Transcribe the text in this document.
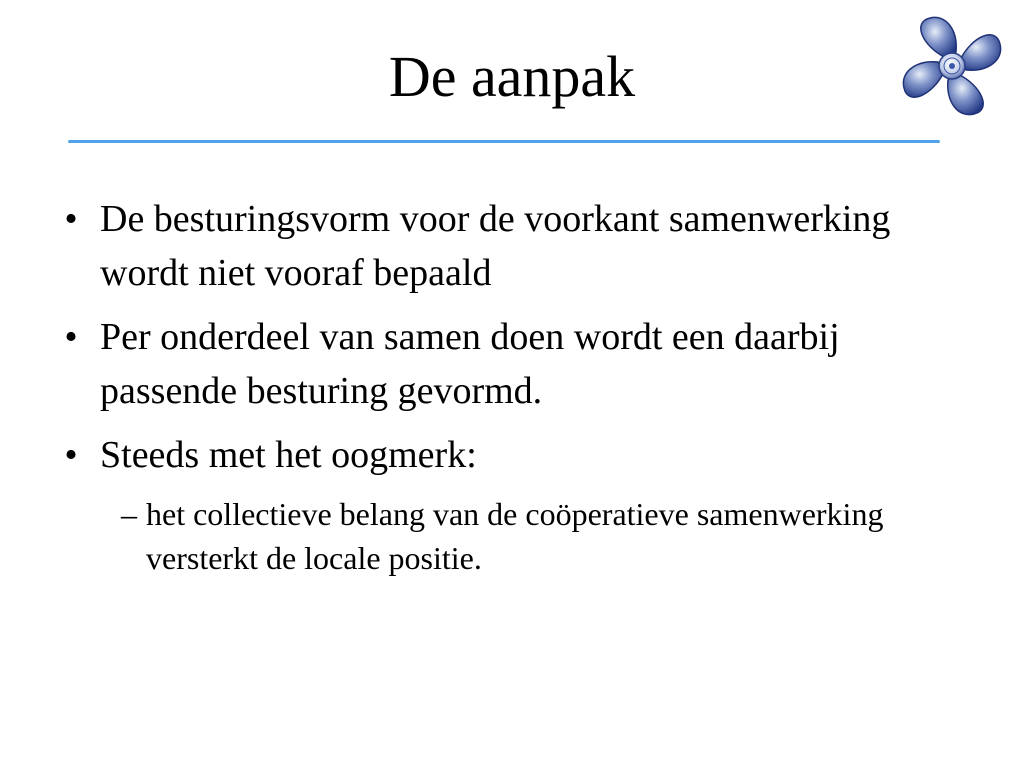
De aanpak
• De besturingsvorm voor de voorkant samenwerking wordt niet vooraf bepaald
• Per onderdeel van samen doen wordt een daarbij passende besturing gevormd.
• Steeds met het oogmerk:
– het collectieve belang van de coöperatieve samenwerking versterkt de locale positie.
